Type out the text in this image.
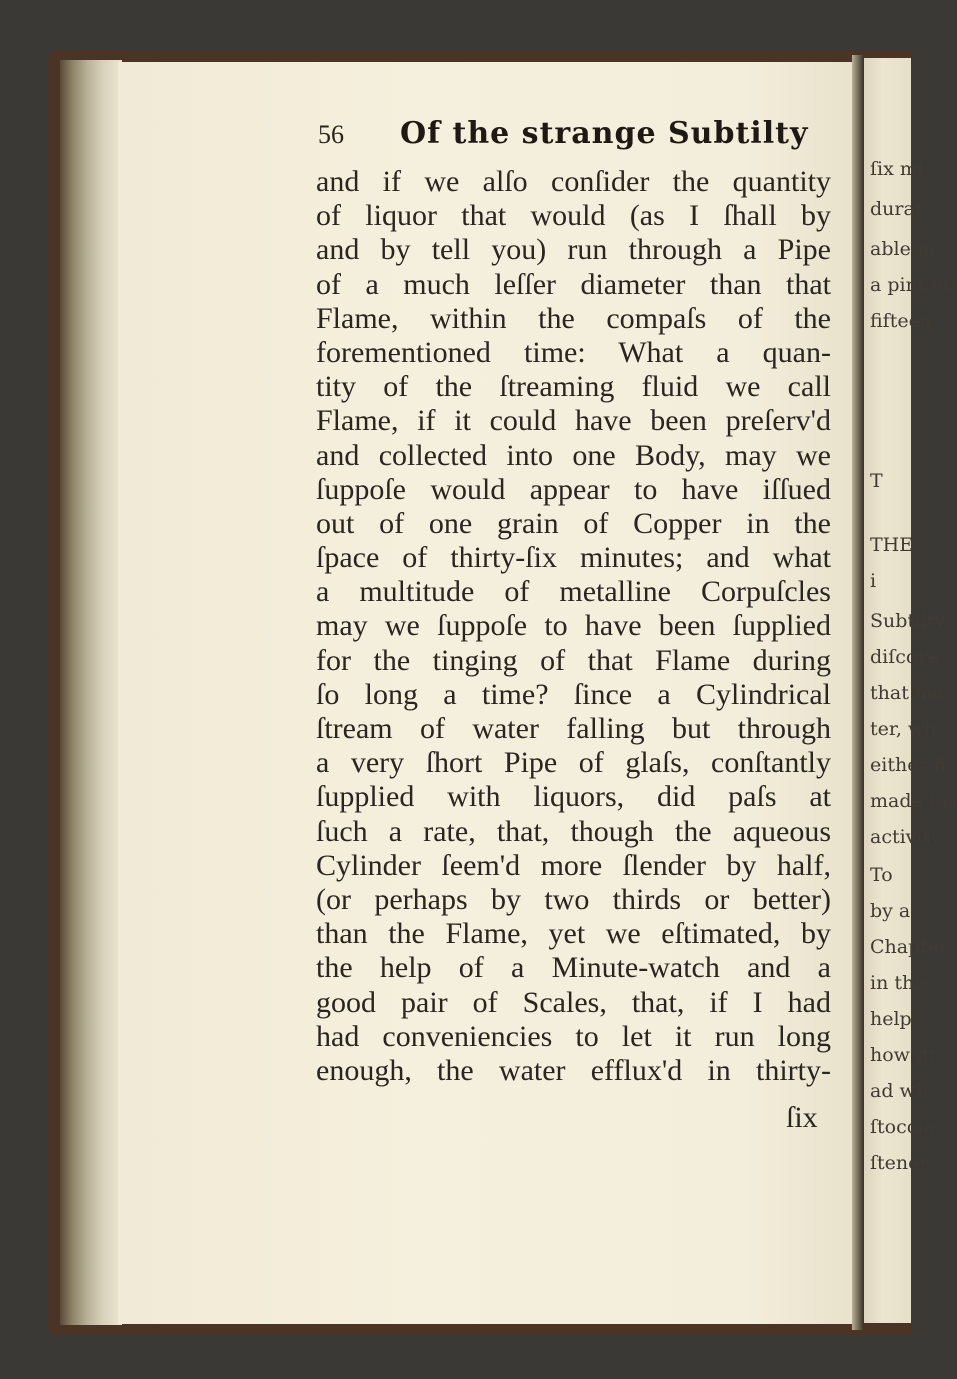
ſix mi
durat
able m
a pint of
fifteen
T
THE
i
Subtilty
diſcove
that ma
ter, wh
either fi
made (as
activity
To
by a
Chapter
in this,
help
how gr
ad wh
ſtoccia
ſtener
56 Of the strange Subtilty
and if we alſo conſider the quantity
of liquor that would (as I ſhall by
and by tell you) run through a Pipe
of a much leſſer diameter than that
Flame, within the compaſs of the
forementioned time: What a quan-
tity of the ſtreaming fluid we call
Flame, if it could have been preſerv'd
and collected into one Body, may we
ſuppoſe would appear to have iſſued
out of one grain of Copper in the
ſpace of thirty-ſix minutes; and what
a multitude of metalline Corpuſcles
may we ſuppoſe to have been ſupplied
for the tinging of that Flame during
ſo long a time? ſince a Cylindrical
ſtream of water falling but through
a very ſhort Pipe of glaſs, conſtantly
ſupplied with liquors, did paſs at
ſuch a rate, that, though the aqueous
Cylinder ſeem'd more ſlender by half,
(or perhaps by two thirds or better)
than the Flame, yet we eſtimated, by
the help of a Minute-watch and a
good pair of Scales, that, if I had
had conveniencies to let it run long
enough, the water efflux'd in thirty-
ſix
